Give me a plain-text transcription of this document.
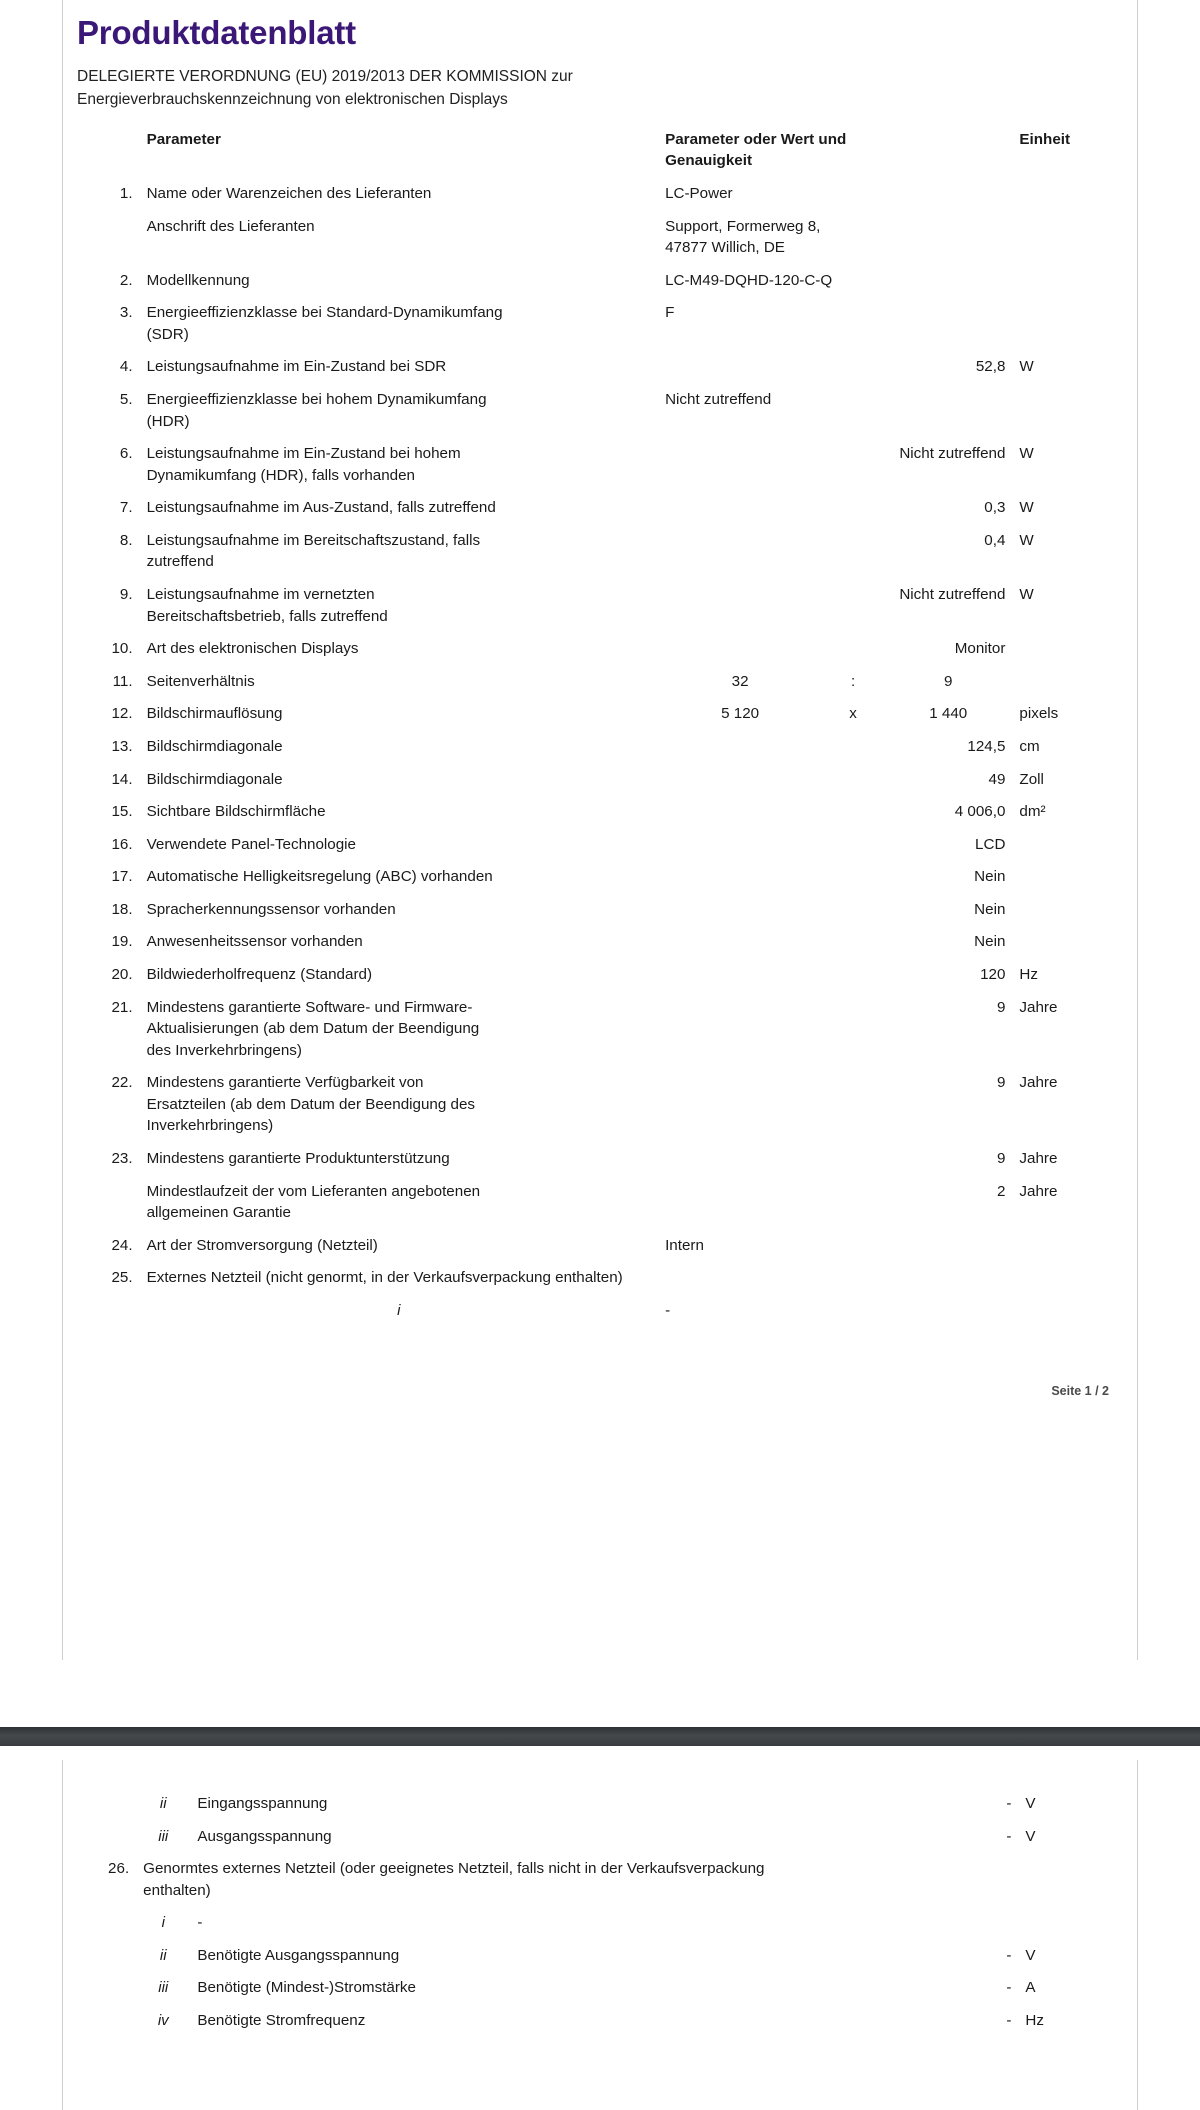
Produktdatenblatt
DELEGIERTE VERORDNUNG (EU) 2019/2013 DER KOMMISSION zur
Energieverbrauchskennzeichnung von elektronischen Displays
	Parameter	Parameter oder Wert und
Genauigkeit			Einheit
1.	Name oder Warenzeichen des Lieferanten	LC-Power			
	Anschrift des Lieferanten	Support, Formerweg 8,
47877 Willich, DE			
2.	Modellkennung	LC-M49-DQHD-120-C-Q			
3.	Energieeffizienzklasse bei Standard-Dynamikumfang
(SDR)	F			
4.	Leistungsaufnahme im Ein-Zustand bei SDR	52,8			W
5.	Energieeffizienzklasse bei hohem Dynamikumfang
(HDR)	Nicht zutreffend			
6.	Leistungsaufnahme im Ein-Zustand bei hohem
Dynamikumfang (HDR), falls vorhanden	Nicht zutreffend			W
7.	Leistungsaufnahme im Aus-Zustand, falls zutreffend	0,3			W
8.	Leistungsaufnahme im Bereitschaftszustand, falls
zutreffend	0,4			W
9.	Leistungsaufnahme im vernetzten
Bereitschaftsbetrieb, falls zutreffend	Nicht zutreffend			W
10.	Art des elektronischen Displays	Monitor			
11.	Seitenverhältnis	32	:	9	
12.	Bildschirmauflösung	5 120	x	1 440	pixels
13.	Bildschirmdiagonale	124,5			cm
14.	Bildschirmdiagonale	49			Zoll
15.	Sichtbare Bildschirmfläche	4 006,0			dm²
16.	Verwendete Panel-Technologie	LCD			
17.	Automatische Helligkeitsregelung (ABC) vorhanden	Nein			
18.	Spracherkennungssensor vorhanden	Nein			
19.	Anwesenheitssensor vorhanden	Nein			
20.	Bildwiederholfrequenz (Standard)	120			Hz
21.	Mindestens garantierte Software- und Firmware-
Aktualisierungen (ab dem Datum der Beendigung
des Inverkehrbringens)	9			Jahre
22.	Mindestens garantierte Verfügbarkeit von
Ersatzteilen (ab dem Datum der Beendigung des
Inverkehrbringens)	9			Jahre
23.	Mindestens garantierte Produktunterstützung	9			Jahre
	Mindestlaufzeit der vom Lieferanten angebotenen
allgemeinen Garantie	2			Jahre
24.	Art der Stromversorgung (Netzteil)	Intern			
25.	Externes Netzteil (nicht genormt, in der Verkaufsverpackung enthalten)				
	i	-			
Seite 1 / 2
	ii	Eingangsspannung	-	V
	iii	Ausgangsspannung	-	V
26.	Genormtes externes Netzteil (oder geeignetes Netzteil, falls nicht in der Verkaufsverpackung
enthalten)			
	i	-		
	ii	Benötigte Ausgangsspannung	-	V
	iii	Benötigte (Mindest-)Stromstärke	-	A
	iv	Benötigte Stromfrequenz	-	Hz
